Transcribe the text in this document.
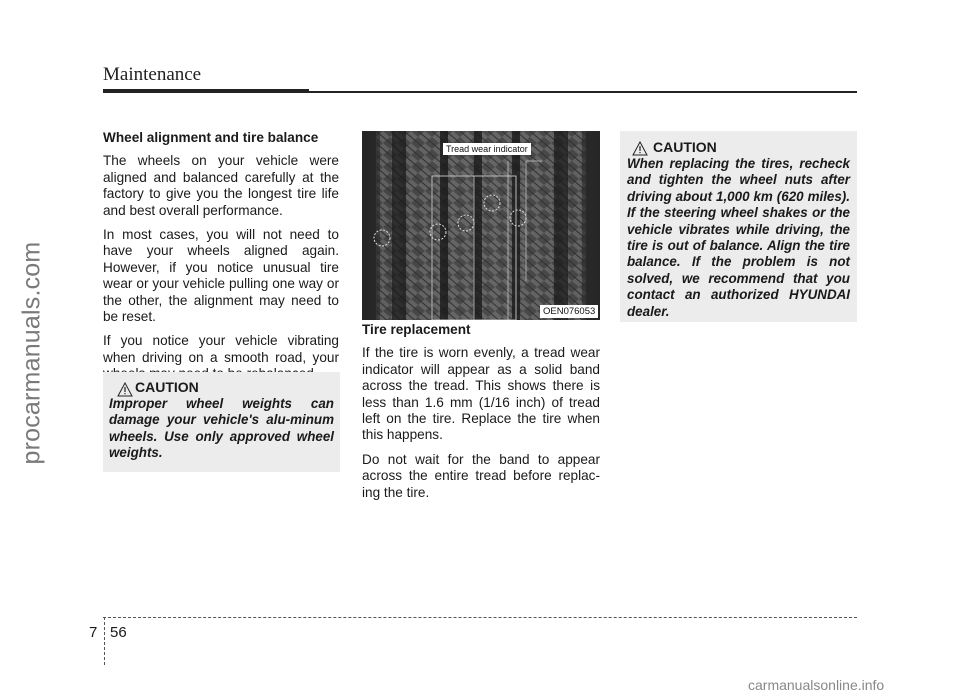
procarmanuals.com
Maintenance
Wheel alignment and tire balance

The wheels on your vehicle were aligned and balanced carefully at the factory to give you the longest tire life and best overall performance.

In most cases, you will not need to have your wheels aligned again. However, if you notice unusual tire wear or your vehicle pulling one way or the other, the alignment may need to be reset.

If you notice your vehicle vibrating when driving on a smooth road, your

CAUTION
Improper wheel weights can damage your vehicle's alu-minum wheels. Use only approved wheel weights.
Tread wear indicator
OEN076053
Tire replacement

If the tire is worn evenly, a tread wear indicator will appear as a solid band across the tread. This shows there is less than 1.6 mm (1/16 inch) of tread left on the tire. Replace the tire when this happens.

Do not wait for the band to appear across the entire tread before replac-ing the tire.

CAUTION
When replacing the tires, recheck and tighten the wheel nuts after driving about 1,000 km (620 miles). If the steering wheel shakes or the vehicle vibrates while driving, the tire is out of balance. Align the tire balance. If the problem is not solved, we recommend that you contact an authorized HYUNDAI dealer.
7 56
carmanualsonline.info
